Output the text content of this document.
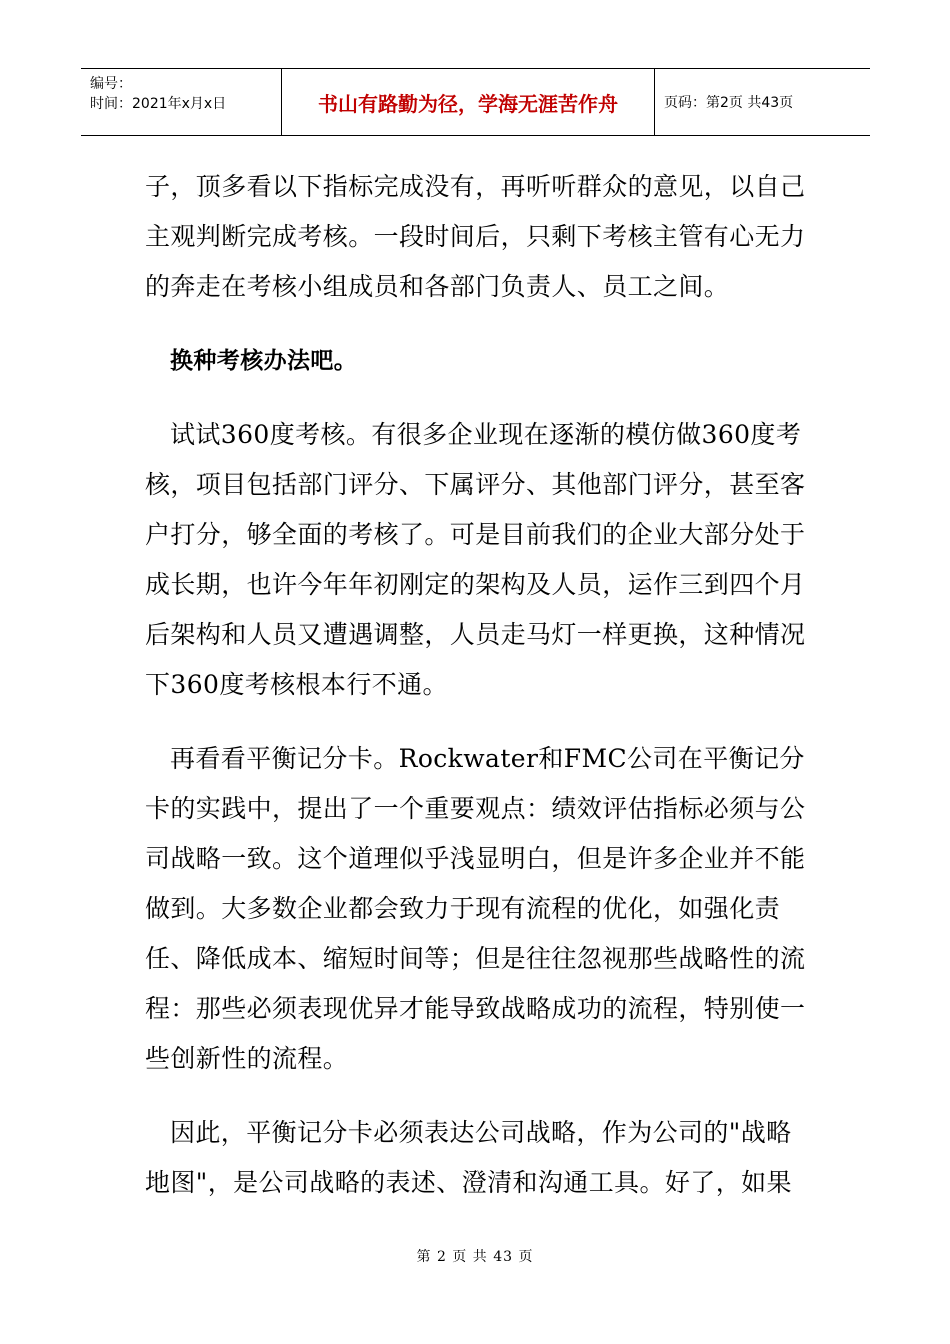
编号：
时间：2021年x月x日	书山有路勤为径，学海无涯苦作舟	页码：第2页 共43页

子，顶多看以下指标完成没有，再听听群众的意见，以自己主观判断完成考核。一段时间后，只剩下考核主管有心无力的奔走在考核小组成员和各部门负责人、员工之间。

换种考核办法吧。

试试360度考核。有很多企业现在逐渐的模仿做360度考核，项目包括部门评分、下属评分、其他部门评分，甚至客户打分，够全面的考核了。可是目前我们的企业大部分处于成长期，也许今年年初刚定的架构及人员，运作三到四个月后架构和人员又遭遇调整，人员走马灯一样更换，这种情况下360度考核根本行不通。

再看看平衡记分卡。Rockwater和FMC公司在平衡记分卡的实践中，提出了一个重要观点：绩效评估指标必须与公司战略一致。这个道理似乎浅显明白，但是许多企业并不能做到。大多数企业都会致力于现有流程的优化，如强化责任、降低成本、缩短时间等；但是往往忽视那些战略性的流程：那些必须表现优异才能导致战略成功的流程，特别使一些创新性的流程。

因此，平衡记分卡必须表达公司战略，作为公司的"战略地图"，是公司战略的表述、澄清和沟通工具。好了，如果

第 2 页 共 43 页
